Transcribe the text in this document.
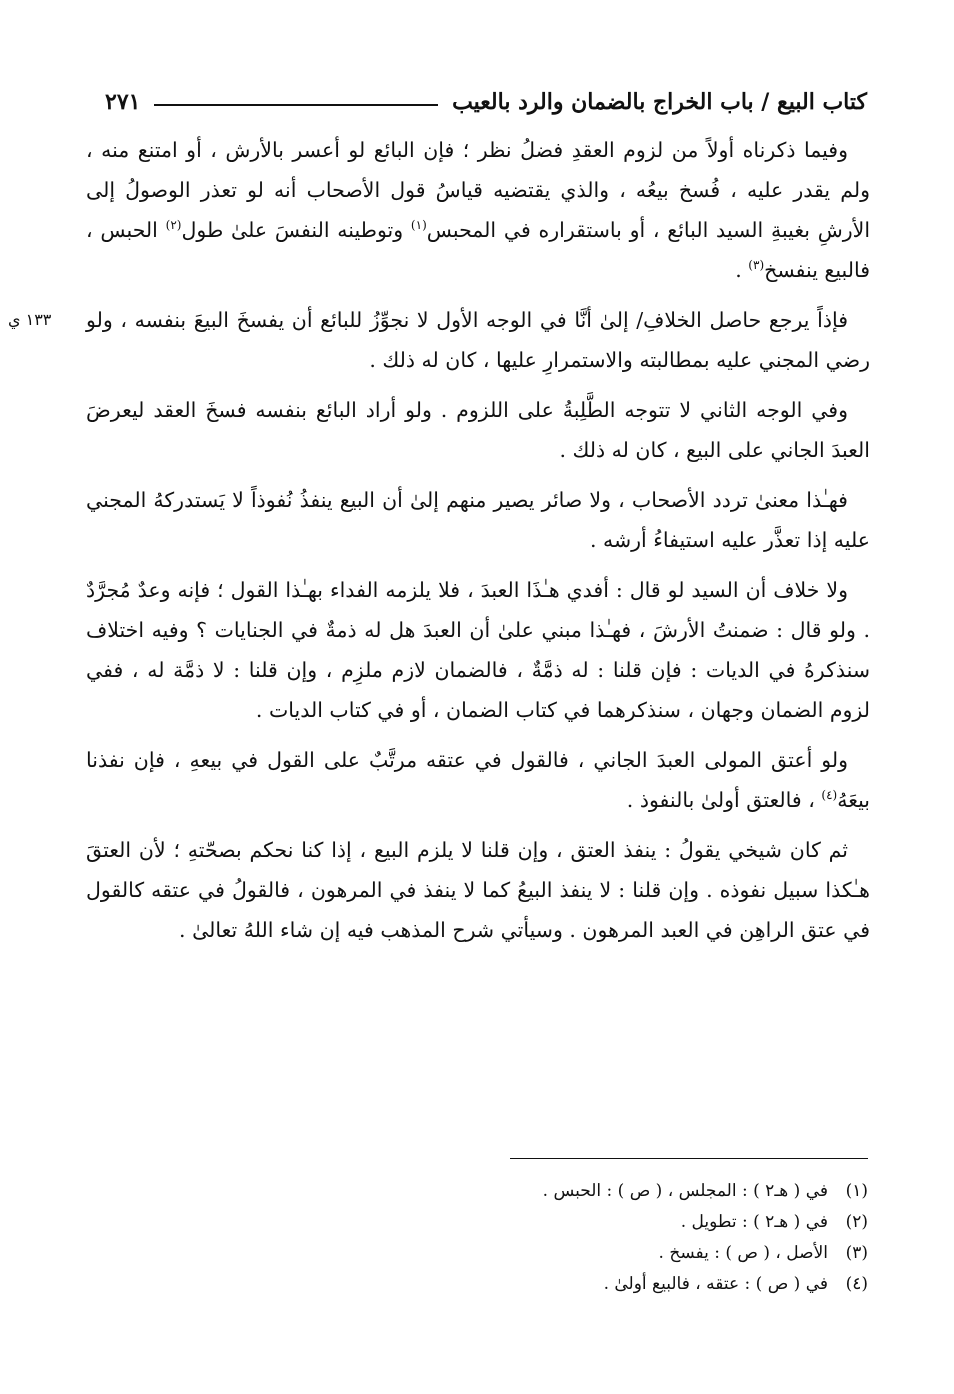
كتاب البيع / باب الخراج بالضمان والرد بالعيب
٢٧١

وفيما ذكرناه أولاً من لزوم العقدِ فضلُ نظر ؛ فإن البائع لو أعسر بالأرش ، أو امتنع منه ، ولم يقدر عليه ، فُسخ بيعُه ، والذي يقتضيه قياسُ قول الأصحاب أنه لو تعذر الوصولُ إلى الأرشِ بغيبةِ السيد البائع ، أو باستقراره في المحبس$^{(١)}$ وتوطينه النفسَ علىٰ طول$^{(٢)}$ الحبس ، فالبيع ينفسخ$^{(٣)}$ .

١٣٣ ي	فإذاً يرجع حاصل الخلافِ/ إلىٰ أنَّا في الوجه الأول لا نجوِّزُ للبائع أن يفسخَ البيعَ بنفسه ، ولو رضي المجني عليه بمطالبته والاستمرارِ عليها ، كان له ذلك .

وفي الوجه الثاني لا تتوجه الطَّلِبةُ على اللزوم . ولو أراد البائع بنفسه فسخَ العقد ليعرضَ العبدَ الجاني على البيع ، كان له ذلك .

فهـٰذا معنىٰ تردد الأصحاب ، ولا صائر يصير منهم إلىٰ أن البيع ينفذُ نُفوذاً لا يَستدركهُ المجني عليه إذا تعذَّر عليه استيفاءُ أرشه .

ولا خلاف أن السيد لو قال : أفدي هـٰذَا العبدَ ، فلا يلزمه الفداء بهـٰذا القول ؛ فإنه وعدٌ مُجرَّدٌ . ولو قال : ضمنتُ الأرشَ ، فهـٰذا مبني علىٰ أن العبدَ هل له ذمةٌ في الجنايات ؟ وفيه اختلاف سنذكرهُ في الديات : فإن قلنا : له ذمَّةٌ ، فالضمان لازم ملزِم ، وإن قلنا : لا ذمَّة له ، ففي لزوم الضمان وجهان ، سنذكرهما في كتاب الضمان ، أو في كتاب الديات .

ولو أعتق المولى العبدَ الجاني ، فالقول في عتقه مرتَّبٌ على القول في بيعهِ ، فإن نفذنا بيعَهُ$^{(٤)}$ ، فالعتق أولىٰ بالنفوذ .

ثم كان شيخي يقولُ : ينفذ العتق ، وإن قلنا لا يلزم البيع ، إذا كنا نحكم بصحّتهِ ؛ لأن العتقَ هـٰكذا سبيل نفوذه . وإن قلنا : لا ينفذ البيعُ كما لا ينفذ في المرهون ، فالقولُ في عتقه كالقول في عتق الراهِن في العبد المرهون . وسيأتي شرح المذهب فيه إن شاء اللهُ تعالىٰ .

(١)في ( هـ٢ ) : المجلس ، ( ص ) : الحبس .
(٢)في ( هـ٢ ) : تطويل .
(٣)الأصل ، ( ص ) : يفسخ .
(٤)في ( ص ) : عتقه ، فالبيع أولىٰ .
